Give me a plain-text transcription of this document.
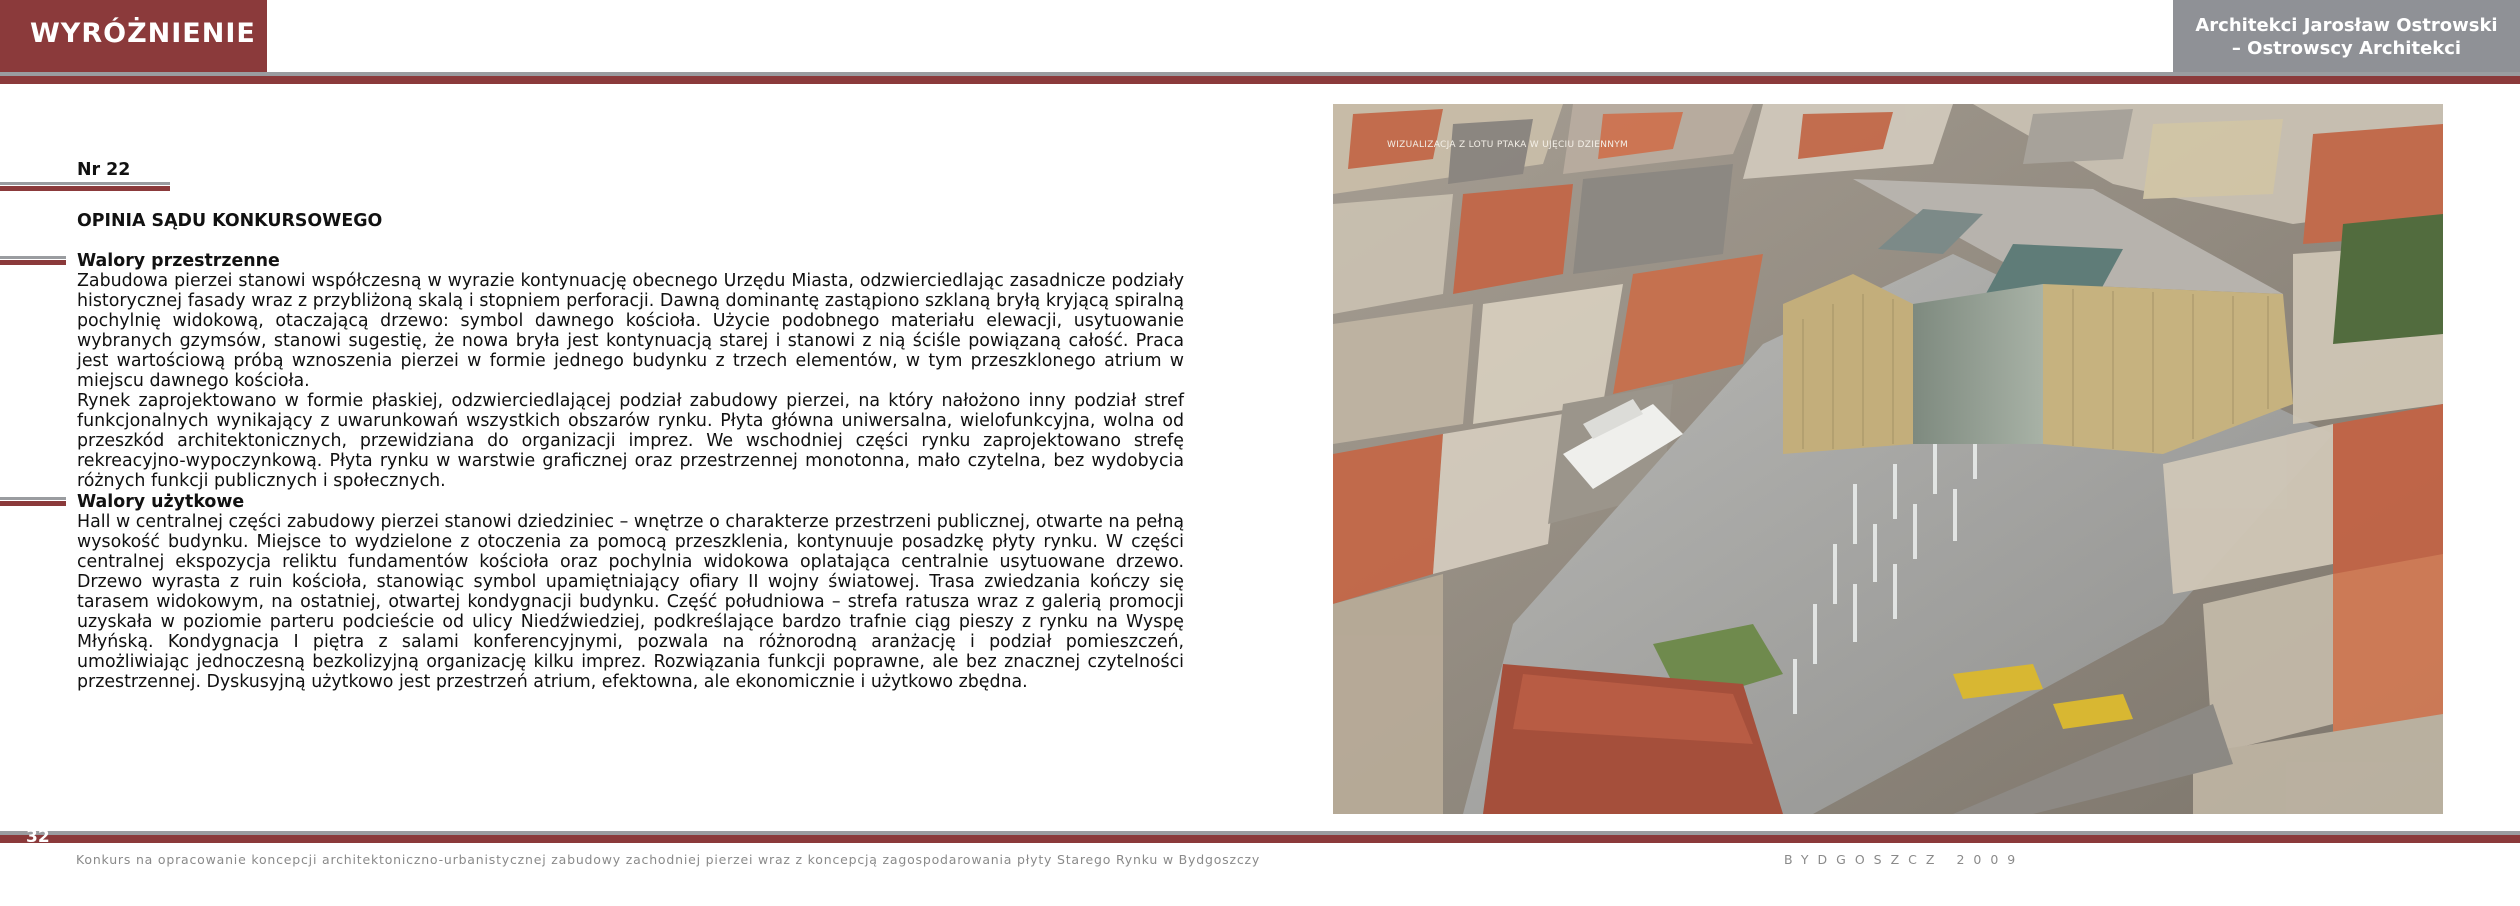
WYRÓŻNIENIE	Architekci Jarosław Ostrowski
– Ostrowscy Architekci
Nr 22
OPINIA SĄDU KONKURSOWEGO
Walory przestrzenne

Zabudowa pierzei stanowi współczesną w wyrazie kontynuację obecnego Urzędu Miasta, odzwierciedlając zasadnicze podziały historycznej fasady wraz z przybliżoną skalą i stopniem perforacji. Dawną dominantę zastąpiono szklaną bryłą kryjącą spiralną pochylnię widokową, otaczającą drzewo: symbol dawnego kościoła. Użycie podobnego materiału elewacji, usytuowanie wybranych gzymsów, stanowi sugestię, że nowa bryła jest kontynuacją starej i stanowi z nią ściśle powiązaną całość. Praca jest wartościową próbą wznoszenia pierzei w formie jednego budynku z trzech elementów, w tym przeszklonego atrium w miejscu dawnego kościoła.

Rynek zaprojektowano w formie płaskiej, odzwierciedlającej podział zabudowy pierzei, na który nałożono inny podział stref funkcjonalnych wynikający z uwarunkowań wszystkich obszarów rynku. Płyta główna uniwersalna, wielofunkcyjna, wolna od przeszkód architektonicznych, przewidziana do organizacji imprez. We wschodniej części rynku zaprojektowano strefę rekreacyjno-wypoczynkową. Płyta rynku w warstwie graficznej oraz przestrzennej monotonna, mało czytelna, bez wydobycia różnych funkcji publicznych i społecznych.

Walory użytkowe

Hall w centralnej części zabudowy pierzei stanowi dziedziniec – wnętrze o charakterze przestrzeni publicznej, otwarte na pełną wysokość budynku. Miejsce to wydzielone z otoczenia za pomocą przeszklenia, kontynuuje posadzkę płyty rynku. W części centralnej ekspozycja reliktu fundamentów kościoła oraz pochylnia widokowa oplatająca centralnie usytuowane drzewo. Drzewo wyrasta z ruin kościoła, stanowiąc symbol upamiętniający ofiary II wojny światowej. Trasa zwiedzania kończy się tarasem widokowym, na ostatniej, otwartej kondygnacji budynku. Część południowa – strefa ratusza wraz z galerią promocji uzyskała w poziomie parteru podcieście od ulicy Niedźwiedziej, podkreślające bardzo trafnie ciąg pieszy z rynku na Wyspę Młyńską. Kondygnacja I piętra z salami konferencyjnymi, pozwala na różnorodną aranżację i podział pomieszczeń, umożliwiając jednoczesną bezkolizyjną organizację kilku imprez. Rozwiązania funkcji poprawne, ale bez znacznej czytelności przestrzennej. Dyskusyjną użytkowo jest przestrzeń atrium, efektowna, ale ekonomicznie i użytkowo zbędna.

WIZUALIZACJA Z LOTU PTAKA W UJĘCIU DZIENNYM
32
Konkurs na opracowanie koncepcji architektoniczno-urbanistycznej zabudowy zachodniej pierzei wraz z koncepcją zagospodarowania płyty Starego Rynku w Bydgoszczy	BYDGOSZCZ 2009
